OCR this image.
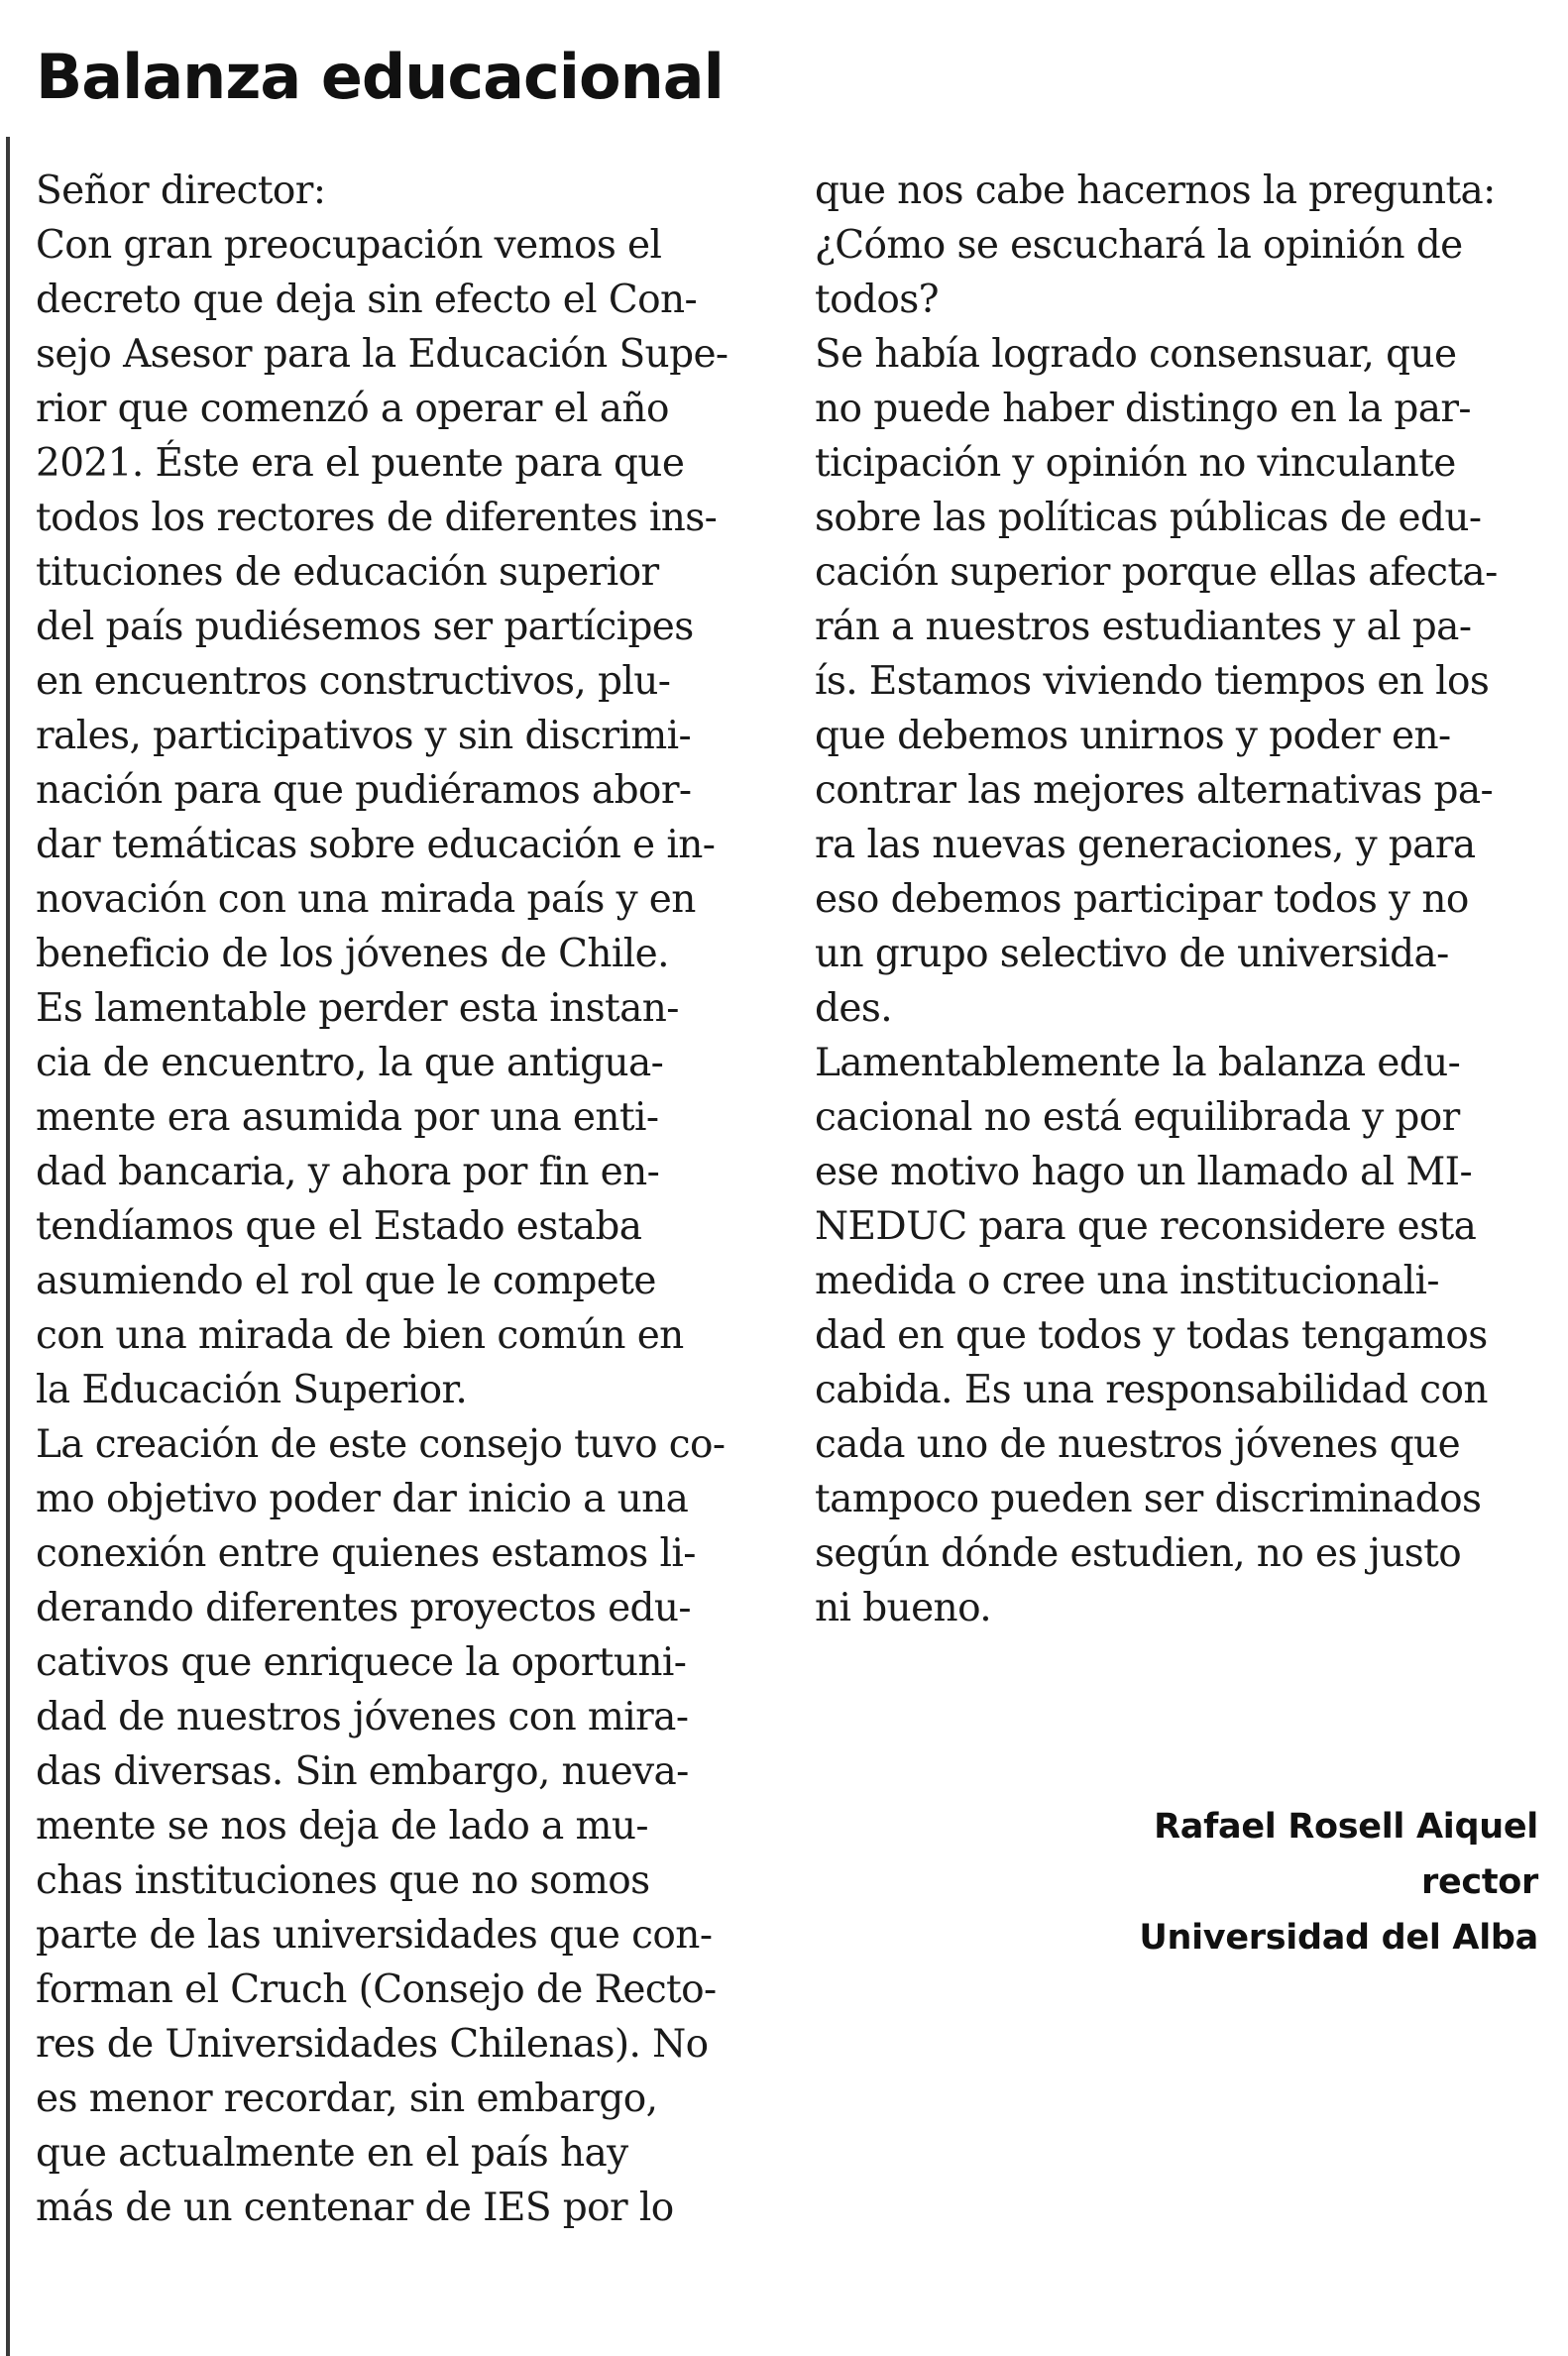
Balanza educacional
Señor director:
Con gran preocupación vemos el
decreto que deja sin efecto el Con-
sejo Asesor para la Educación Supe-
rior que comenzó a operar el año
2021. Éste era el puente para que
todos los rectores de diferentes ins-
tituciones de educación superior
del país pudiésemos ser partícipes
en encuentros constructivos, plu-
rales, participativos y sin discrimi-
nación para que pudiéramos abor-
dar temáticas sobre educación e in-
novación con una mirada país y en
beneficio de los jóvenes de Chile.
Es lamentable perder esta instan-
cia de encuentro, la que antigua-
mente era asumida por una enti-
dad bancaria, y ahora por fin en-
tendíamos que el Estado estaba
asumiendo el rol que le compete
con una mirada de bien común en
la Educación Superior.
La creación de este consejo tuvo co-
mo objetivo poder dar inicio a una
conexión entre quienes estamos li-
derando diferentes proyectos edu-
cativos que enriquece la oportuni-
dad de nuestros jóvenes con mira-
das diversas. Sin embargo, nueva-
mente se nos deja de lado a mu-
chas instituciones que no somos
parte de las universidades que con-
forman el Cruch (Consejo de Recto-
res de Universidades Chilenas). No
es menor recordar, sin embargo,
que actualmente en el país hay
más de un centenar de IES por lo
que nos cabe hacernos la pregunta:
¿Cómo se escuchará la opinión de
todos?
Se había logrado consensuar, que
no puede haber distingo en la par-
ticipación y opinión no vinculante
sobre las políticas públicas de edu-
cación superior porque ellas afecta-
rán a nuestros estudiantes y al pa-
ís. Estamos viviendo tiempos en los
que debemos unirnos y poder en-
contrar las mejores alternativas pa-
ra las nuevas generaciones, y para
eso debemos participar todos y no
un grupo selectivo de universida-
des.
Lamentablemente la balanza edu-
cacional no está equilibrada y por
ese motivo hago un llamado al MI-
NEDUC para que reconsidere esta
medida o cree una institucionali-
dad en que todos y todas tengamos
cabida. Es una responsabilidad con
cada uno de nuestros jóvenes que
tampoco pueden ser discriminados
según dónde estudien, no es justo
ni bueno.
Rafael Rosell Aiquel
rector
Universidad del Alba
